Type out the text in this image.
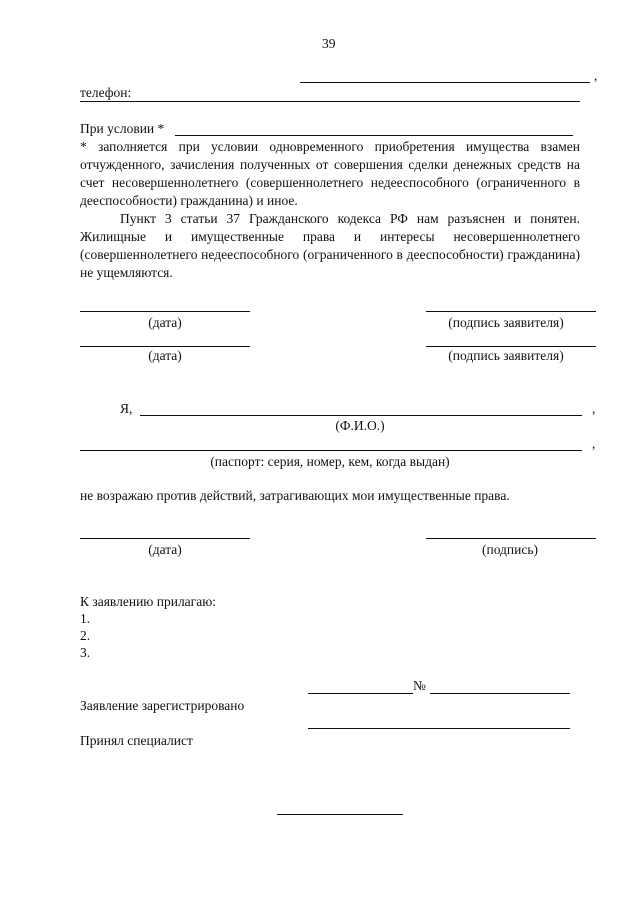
39
,
телефон:
При условии *
* заполняется при условии одновременного приобретения имущества взамен отчужденного, зачисления полученных от совершения сделки денежных средств на счет несовершеннолетнего (совершеннолетнего недееспособного (ограниченного в дееспособности) гражданина) и иное.
Пункт 3 статьи 37 Гражданского кодекса РФ нам разъяснен и понятен. Жилищные и имущественные права и интересы несовершеннолетнего (совершеннолетнего недееспособного (ограниченного в дееспособности) гражданина) не ущемляются.
(дата)	(подпись заявителя)
(дата)	(подпись заявителя)
Я,	,
(Ф.И.О.)
,
(паспорт: серия, номер, кем, когда выдан)
не возражаю против действий, затрагивающих мои имущественные права.
(дата)	(подпись)
К заявлению прилагаю:
1.
2.
3.
№
Заявление зарегистрировано
Принял специалист
